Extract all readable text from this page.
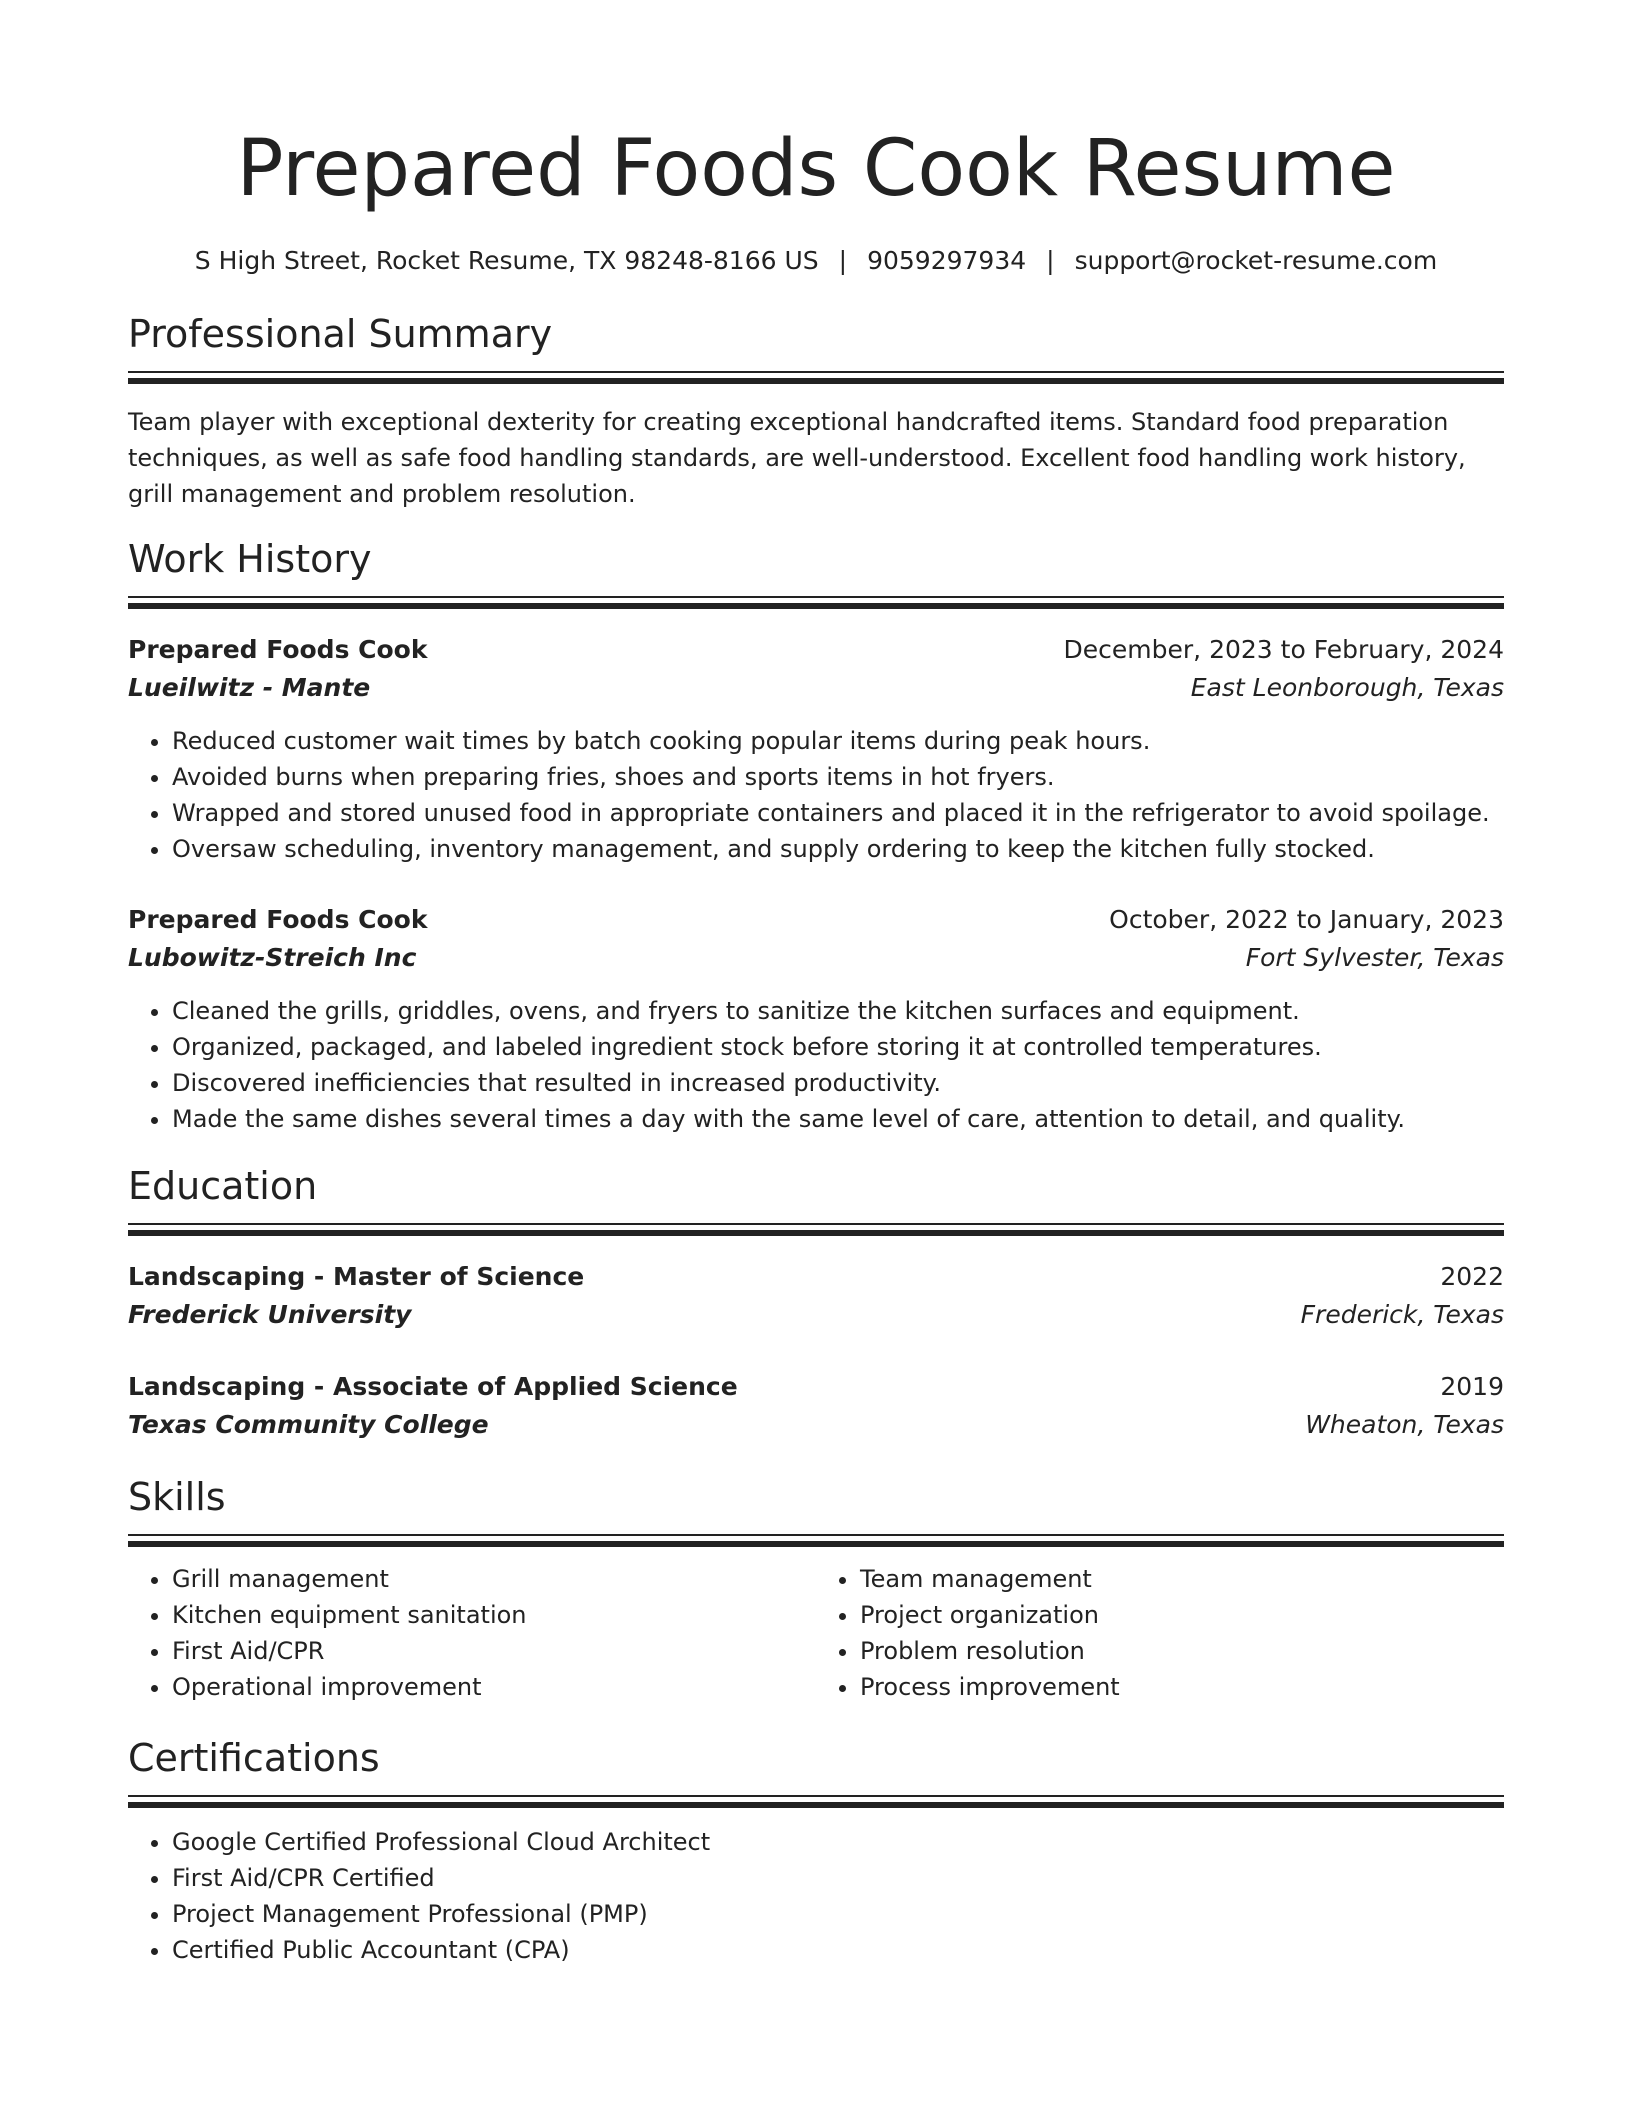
Prepared Foods Cook Resume
S High Street, Rocket Resume, TX 98248-8166 US | 9059297934 | support@rocket-resume.com
Professional Summary
Team player with exceptional dexterity for creating exceptional handcrafted items. Standard food preparation techniques, as well as safe food handling standards, are well-understood. Excellent food handling work history, grill management and problem resolution.
Work History
Prepared Foods Cook	December, 2023 to February, 2024
Lueilwitz - Mante	East Leonborough, Texas
• Reduced customer wait times by batch cooking popular items during peak hours.
• Avoided burns when preparing fries, shoes and sports items in hot fryers.
• Wrapped and stored unused food in appropriate containers and placed it in the refrigerator to avoid spoilage.
• Oversaw scheduling, inventory management, and supply ordering to keep the kitchen fully stocked.
Prepared Foods Cook	October, 2022 to January, 2023
Lubowitz-Streich Inc	Fort Sylvester, Texas
• Cleaned the grills, griddles, ovens, and fryers to sanitize the kitchen surfaces and equipment.
• Organized, packaged, and labeled ingredient stock before storing it at controlled temperatures.
• Discovered inefficiencies that resulted in increased productivity.
• Made the same dishes several times a day with the same level of care, attention to detail, and quality.
Education
Landscaping - Master of Science	2022
Frederick University	Frederick, Texas
Landscaping - Associate of Applied Science	2019
Texas Community College	Wheaton, Texas
Skills
• Grill management
• Kitchen equipment sanitation
• First Aid/CPR
• Operational improvement
• Team management
• Project organization
• Problem resolution
• Process improvement
Certifications
• Google Certified Professional Cloud Architect
• First Aid/CPR Certified
• Project Management Professional (PMP)
• Certified Public Accountant (CPA)
